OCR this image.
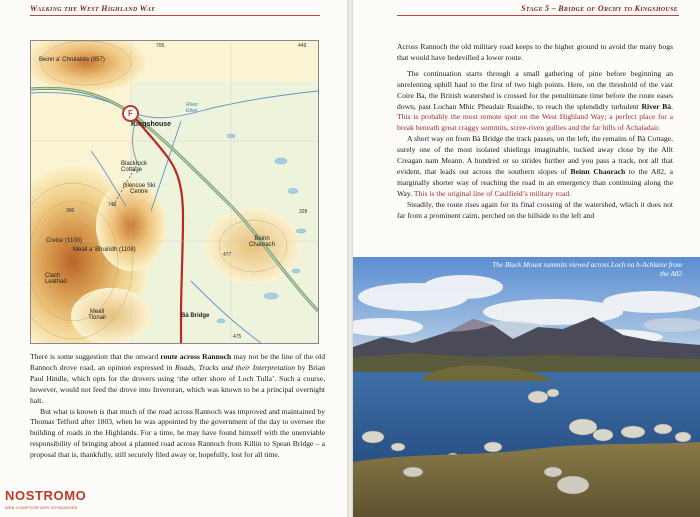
Walking the West Highland Way
F
Beinn a' Chrulaiste (857)
705	449
Kingshouse
River Etive
Blackrock Cottage
Glencoe Ski Centre
749
396	328
Creise (1100)
Meall a' Bhuiridh (1108)
Clach Leathad
Beinn Chaorach
477
Bà Bridge
Meall Tionail
475

There is some suggestion that the onward route across Rannoch may not be the line of the old Rannoch drove road, an opinion expressed in Roads, Tracks and their Interpretation by Brian Paul Hindle, which opts for the drovers using ‘the other shore of Loch Tulla’. Such a course, however, would not feed the drove into Inveroran, which was known to be a principal overnight halt.

But what is known is that much of the road across Rannoch was improved and maintained by Thomas Telford after 1803, when he was appointed by the government of the day to oversee the building of roads in the Highlands. For a time, he may have found himself with the unenviable responsibility of bringing about a planned road across Rannoch from Killin to Spean Bridge – a proposal that is, thankfully, still securely filed away or, hopefully, lost for all time.

NOSTROMO
WEB COMPTOIR DES VOYAGEURS
Stage 5 – Bridge of Orchy to Kingshouse

Across Rannoch the old military road keeps to the higher ground to avoid the many bogs that would have bedevilled a lower route.

The continuation starts through a small gathering of pine before beginning an unrelenting uphill haul to the first of two high points. Here, on the threshold of the vast Coire Ba, the British watershed is crossed for the penultimate time before the route eases down, past Lochan Mhic Pheadair Ruaidhe, to reach the splendidly turbulent River Bà. This is probably the most remote spot on the West Highland Way; a perfect place for a break beneath great craggy summits, scree-riven gullies and the far hills of Achaladair.

A short way on from Bà Bridge the track passes, on the left, the remains of Bà Cottage, surely one of the most isolated shielings imaginable, tucked away close by the Allt Creagan nam Meann. A hundred or so strides further and you pass a track, not all that evident, that leads out across the southern slopes of Beinn Chaorach to the A82, a marginally shorter way of reaching the road in an emergency than continuing along the Way. This is the original line of Caulfield’s military road.

Steadily, the route rises again for its final crossing of the watershed, which it does not far from a prominent cairn, perched on the hillside to the left and

The Black Mount summits viewed across Loch na h-Achlaise from the A82
